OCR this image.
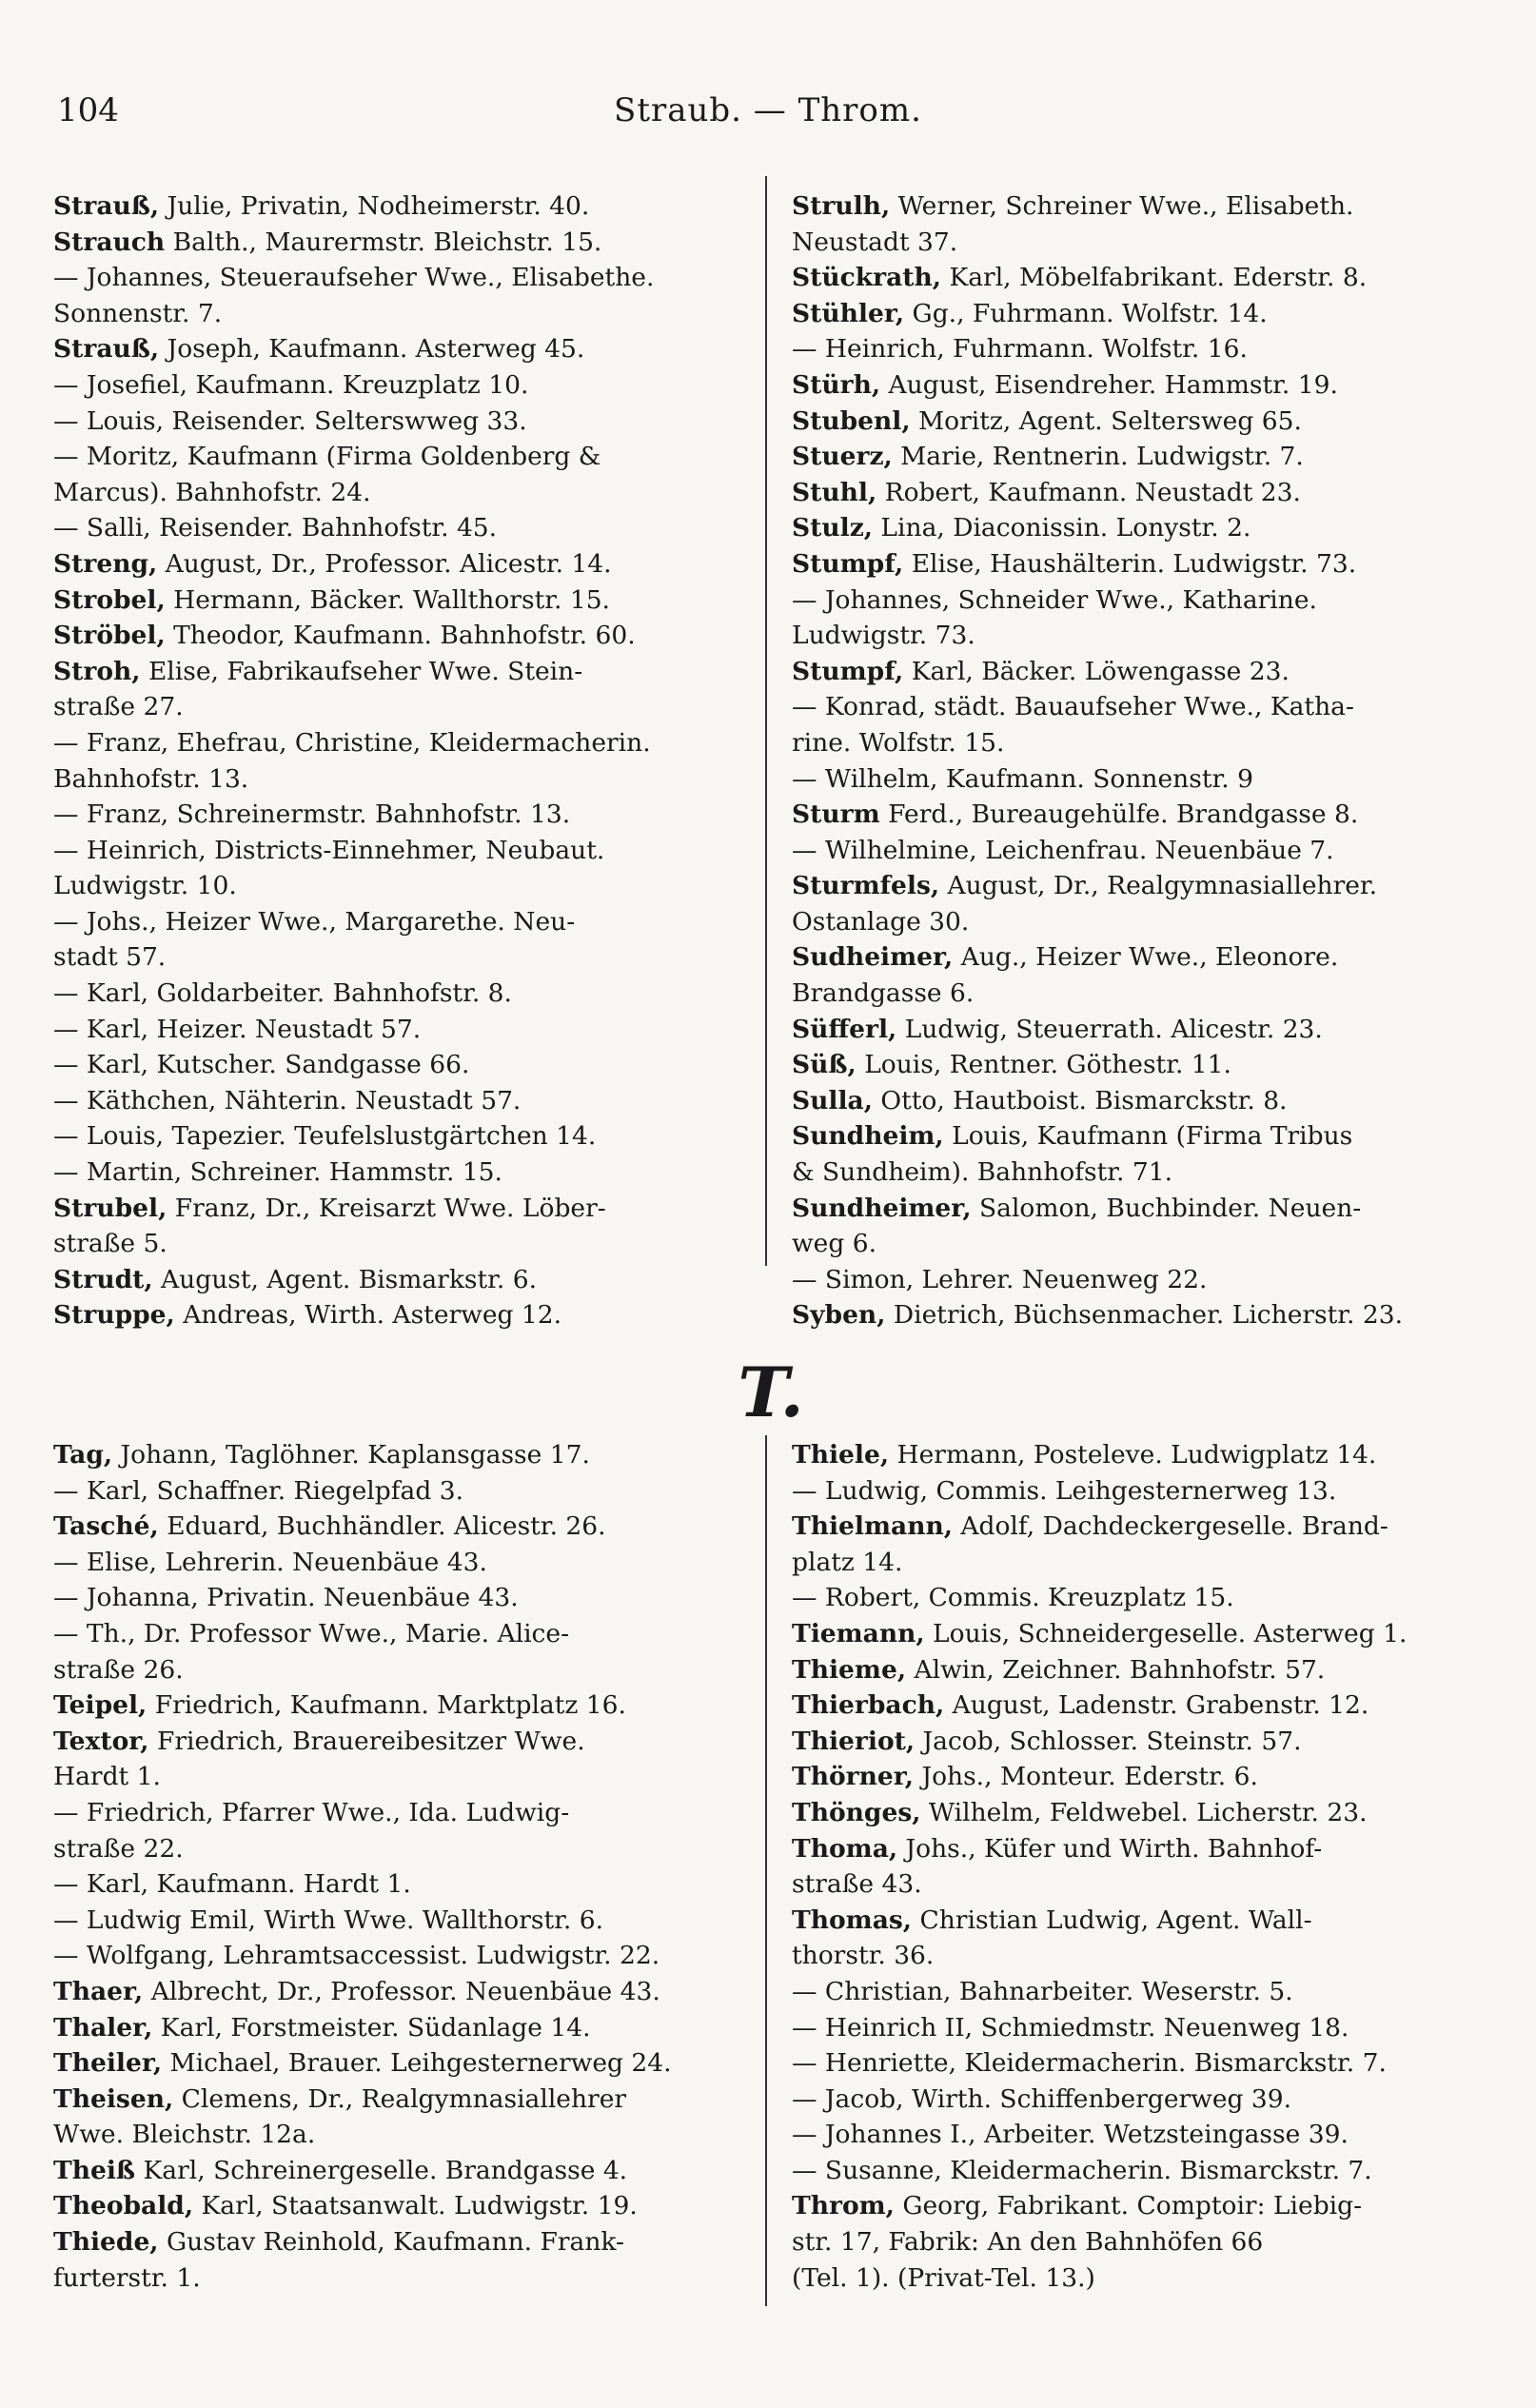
104	Straub. — Throm.
Strauß, Julie, Privatin, Nodheimerstr. 40.
Strauch Balth., Maurermstr. Bleichstr. 15.
— Johannes, Steueraufseher Wwe., Elisabethe.
Sonnenstr. 7.
Strauß, Joseph, Kaufmann. Asterweg 45.
— Josefiel, Kaufmann. Kreuzplatz 10.
— Louis, Reisender. Selterswweg 33.
— Moritz, Kaufmann (Firma Goldenberg &
Marcus). Bahnhofstr. 24.
— Salli, Reisender. Bahnhofstr. 45.
Streng, August, Dr., Professor. Alicestr. 14.
Strobel, Hermann, Bäcker. Wallthorstr. 15.
Ströbel, Theodor, Kaufmann. Bahnhofstr. 60.
Stroh, Elise, Fabrikaufseher Wwe. Stein-
straße 27.
— Franz, Ehefrau, Christine, Kleidermacherin.
Bahnhofstr. 13.
— Franz, Schreinermstr. Bahnhofstr. 13.
— Heinrich, Districts-Einnehmer, Neubaut.
Ludwigstr. 10.
— Johs., Heizer Wwe., Margarethe. Neu-
stadt 57.
— Karl, Goldarbeiter. Bahnhofstr. 8.
— Karl, Heizer. Neustadt 57.
— Karl, Kutscher. Sandgasse 66.
— Käthchen, Nähterin. Neustadt 57.
— Louis, Tapezier. Teufelslustgärtchen 14.
— Martin, Schreiner. Hammstr. 15.
Strubel, Franz, Dr., Kreisarzt Wwe. Löber-
straße 5.
Strudt, August, Agent. Bismarkstr. 6.
Struppe, Andreas, Wirth. Asterweg 12.
Strulh, Werner, Schreiner Wwe., Elisabeth.
Neustadt 37.
Stückrath, Karl, Möbelfabrikant. Ederstr. 8.
Stühler, Gg., Fuhrmann. Wolfstr. 14.
— Heinrich, Fuhrmann. Wolfstr. 16.
Stürh, August, Eisendreher. Hammstr. 19.
Stubenl, Moritz, Agent. Seltersweg 65.
Stuerz, Marie, Rentnerin. Ludwigstr. 7.
Stuhl, Robert, Kaufmann. Neustadt 23.
Stulz, Lina, Diaconissin. Lonystr. 2.
Stumpf, Elise, Haushälterin. Ludwigstr. 73.
— Johannes, Schneider Wwe., Katharine.
Ludwigstr. 73.
Stumpf, Karl, Bäcker. Löwengasse 23.
— Konrad, städt. Bauaufseher Wwe., Katha-
rine. Wolfstr. 15.
— Wilhelm, Kaufmann. Sonnenstr. 9
Sturm Ferd., Bureaugehülfe. Brandgasse 8.
— Wilhelmine, Leichenfrau. Neuenbäue 7.
Sturmfels, August, Dr., Realgymnasiallehrer.
Ostanlage 30.
Sudheimer, Aug., Heizer Wwe., Eleonore.
Brandgasse 6.
Süfferl, Ludwig, Steuerrath. Alicestr. 23.
Süß, Louis, Rentner. Göthestr. 11.
Sulla, Otto, Hautboist. Bismarckstr. 8.
Sundheim, Louis, Kaufmann (Firma Tribus
& Sundheim). Bahnhofstr. 71.
Sundheimer, Salomon, Buchbinder. Neuen-
weg 6.
— Simon, Lehrer. Neuenweg 22.
Syben, Dietrich, Büchsenmacher. Licherstr. 23.
T.
Tag, Johann, Taglöhner. Kaplansgasse 17.
— Karl, Schaffner. Riegelpfad 3.
Tasché, Eduard, Buchhändler. Alicestr. 26.
— Elise, Lehrerin. Neuenbäue 43.
— Johanna, Privatin. Neuenbäue 43.
— Th., Dr. Professor Wwe., Marie. Alice-
straße 26.
Teipel, Friedrich, Kaufmann. Marktplatz 16.
Textor, Friedrich, Brauereibesitzer Wwe.
Hardt 1.
— Friedrich, Pfarrer Wwe., Ida. Ludwig-
straße 22.
— Karl, Kaufmann. Hardt 1.
— Ludwig Emil, Wirth Wwe. Wallthorstr. 6.
— Wolfgang, Lehramtsaccessist. Ludwigstr. 22.
Thaer, Albrecht, Dr., Professor. Neuenbäue 43.
Thaler, Karl, Forstmeister. Südanlage 14.
Theiler, Michael, Brauer. Leihgesternerweg 24.
Theisen, Clemens, Dr., Realgymnasiallehrer
Wwe. Bleichstr. 12a.
Theiß Karl, Schreinergeselle. Brandgasse 4.
Theobald, Karl, Staatsanwalt. Ludwigstr. 19.
Thiede, Gustav Reinhold, Kaufmann. Frank-
furterstr. 1.
Thiele, Hermann, Posteleve. Ludwigplatz 14.
— Ludwig, Commis. Leihgesternerweg 13.
Thielmann, Adolf, Dachdeckergeselle. Brand-
platz 14.
— Robert, Commis. Kreuzplatz 15.
Tiemann, Louis, Schneidergeselle. Asterweg 1.
Thieme, Alwin, Zeichner. Bahnhofstr. 57.
Thierbach, August, Ladenstr. Grabenstr. 12.
Thieriot, Jacob, Schlosser. Steinstr. 57.
Thörner, Johs., Monteur. Ederstr. 6.
Thönges, Wilhelm, Feldwebel. Licherstr. 23.
Thoma, Johs., Küfer und Wirth. Bahnhof-
straße 43.
Thomas, Christian Ludwig, Agent. Wall-
thorstr. 36.
— Christian, Bahnarbeiter. Weserstr. 5.
— Heinrich II, Schmiedmstr. Neuenweg 18.
— Henriette, Kleidermacherin. Bismarckstr. 7.
— Jacob, Wirth. Schiffenbergerweg 39.
— Johannes I., Arbeiter. Wetzsteingasse 39.
— Susanne, Kleidermacherin. Bismarckstr. 7.
Throm, Georg, Fabrikant. Comptoir: Liebig-
str. 17, Fabrik: An den Bahnhöfen 66
(Tel. 1). (Privat-Tel. 13.)
